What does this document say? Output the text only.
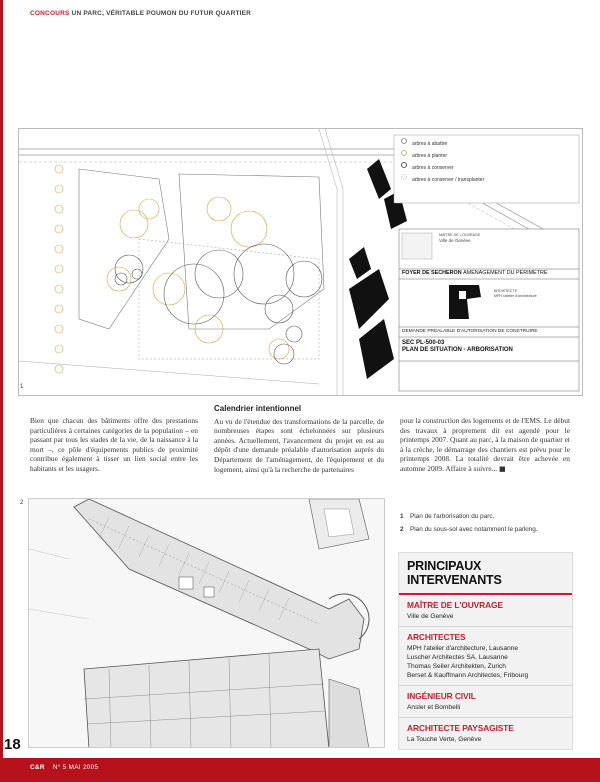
CONCOURS UN PARC, VÉRITABLE POUMON DU FUTUR QUARTIER
arbres à abattre
arbres à planter
arbres à conserver
arbres à conserver / transplanter
MAÎTRE DE L'OUVRAGE
Ville de Genève
FOYER DE SECHERON AMENAGEMENT DU PERIMETRE
ARCHITECTE
MPH l'atelier d'architecture
DEMANDE PREALABLE D'AUTORISATION DE CONSTRUIRE
SEC PL-500-03
PLAN DE SITUATION - ARBORISATION
1
Bien que chacun des bâtiments offre des prestations particulières à certaines catégories de la population – en passant par tous les stades de la vie, de la naissance à la mort –, ce pôle d'équipements publics de proximité contribue également à tisser un lien social entre les habitants et les usagers.
Calendrier intentionnel
Au vu de l'étendue des transformations de la parcelle, de nombreuses étapes sont échelonnées sur plusieurs années. Actuellement, l'avancement du projet en est au dépôt d'une demande préalable d'autorisation auprès du Département de l'aménagement, de l'équipement et du logement, ainsi qu'à la recherche de partenaires
pour la construction des logements et de l'EMS. Le début des travaux à proprement dit est agendé pour le printemps 2007. Quant au parc, à la maison de quartier et à la crèche, le démarrage des chantiers est prévu pour le printemps 2008. La totalité devrait être achevée en automne 2009. Affaire à suivre... ■
2
1	Plan de l'arborisation du parc.
2	Plan du sous-sol avec notamment le parking.
PRINCIPAUX INTERVENANTS
MAÎTRE DE L'OUVRAGE
Ville de Genève
ARCHITECTES
MPH l'atelier d'architecture, Lausanne
Luscher Architectes SA, Lausanne
Thomas Seiler Architekten, Zurich
Berset & Kauffmann Architectes, Fribourg
INGÉNIEUR CIVIL
Ansler et Bombelli
ARCHITECTE PAYSAGISTE
La Touche Verte, Genève
18
C&R N° 5 MAI 2005
